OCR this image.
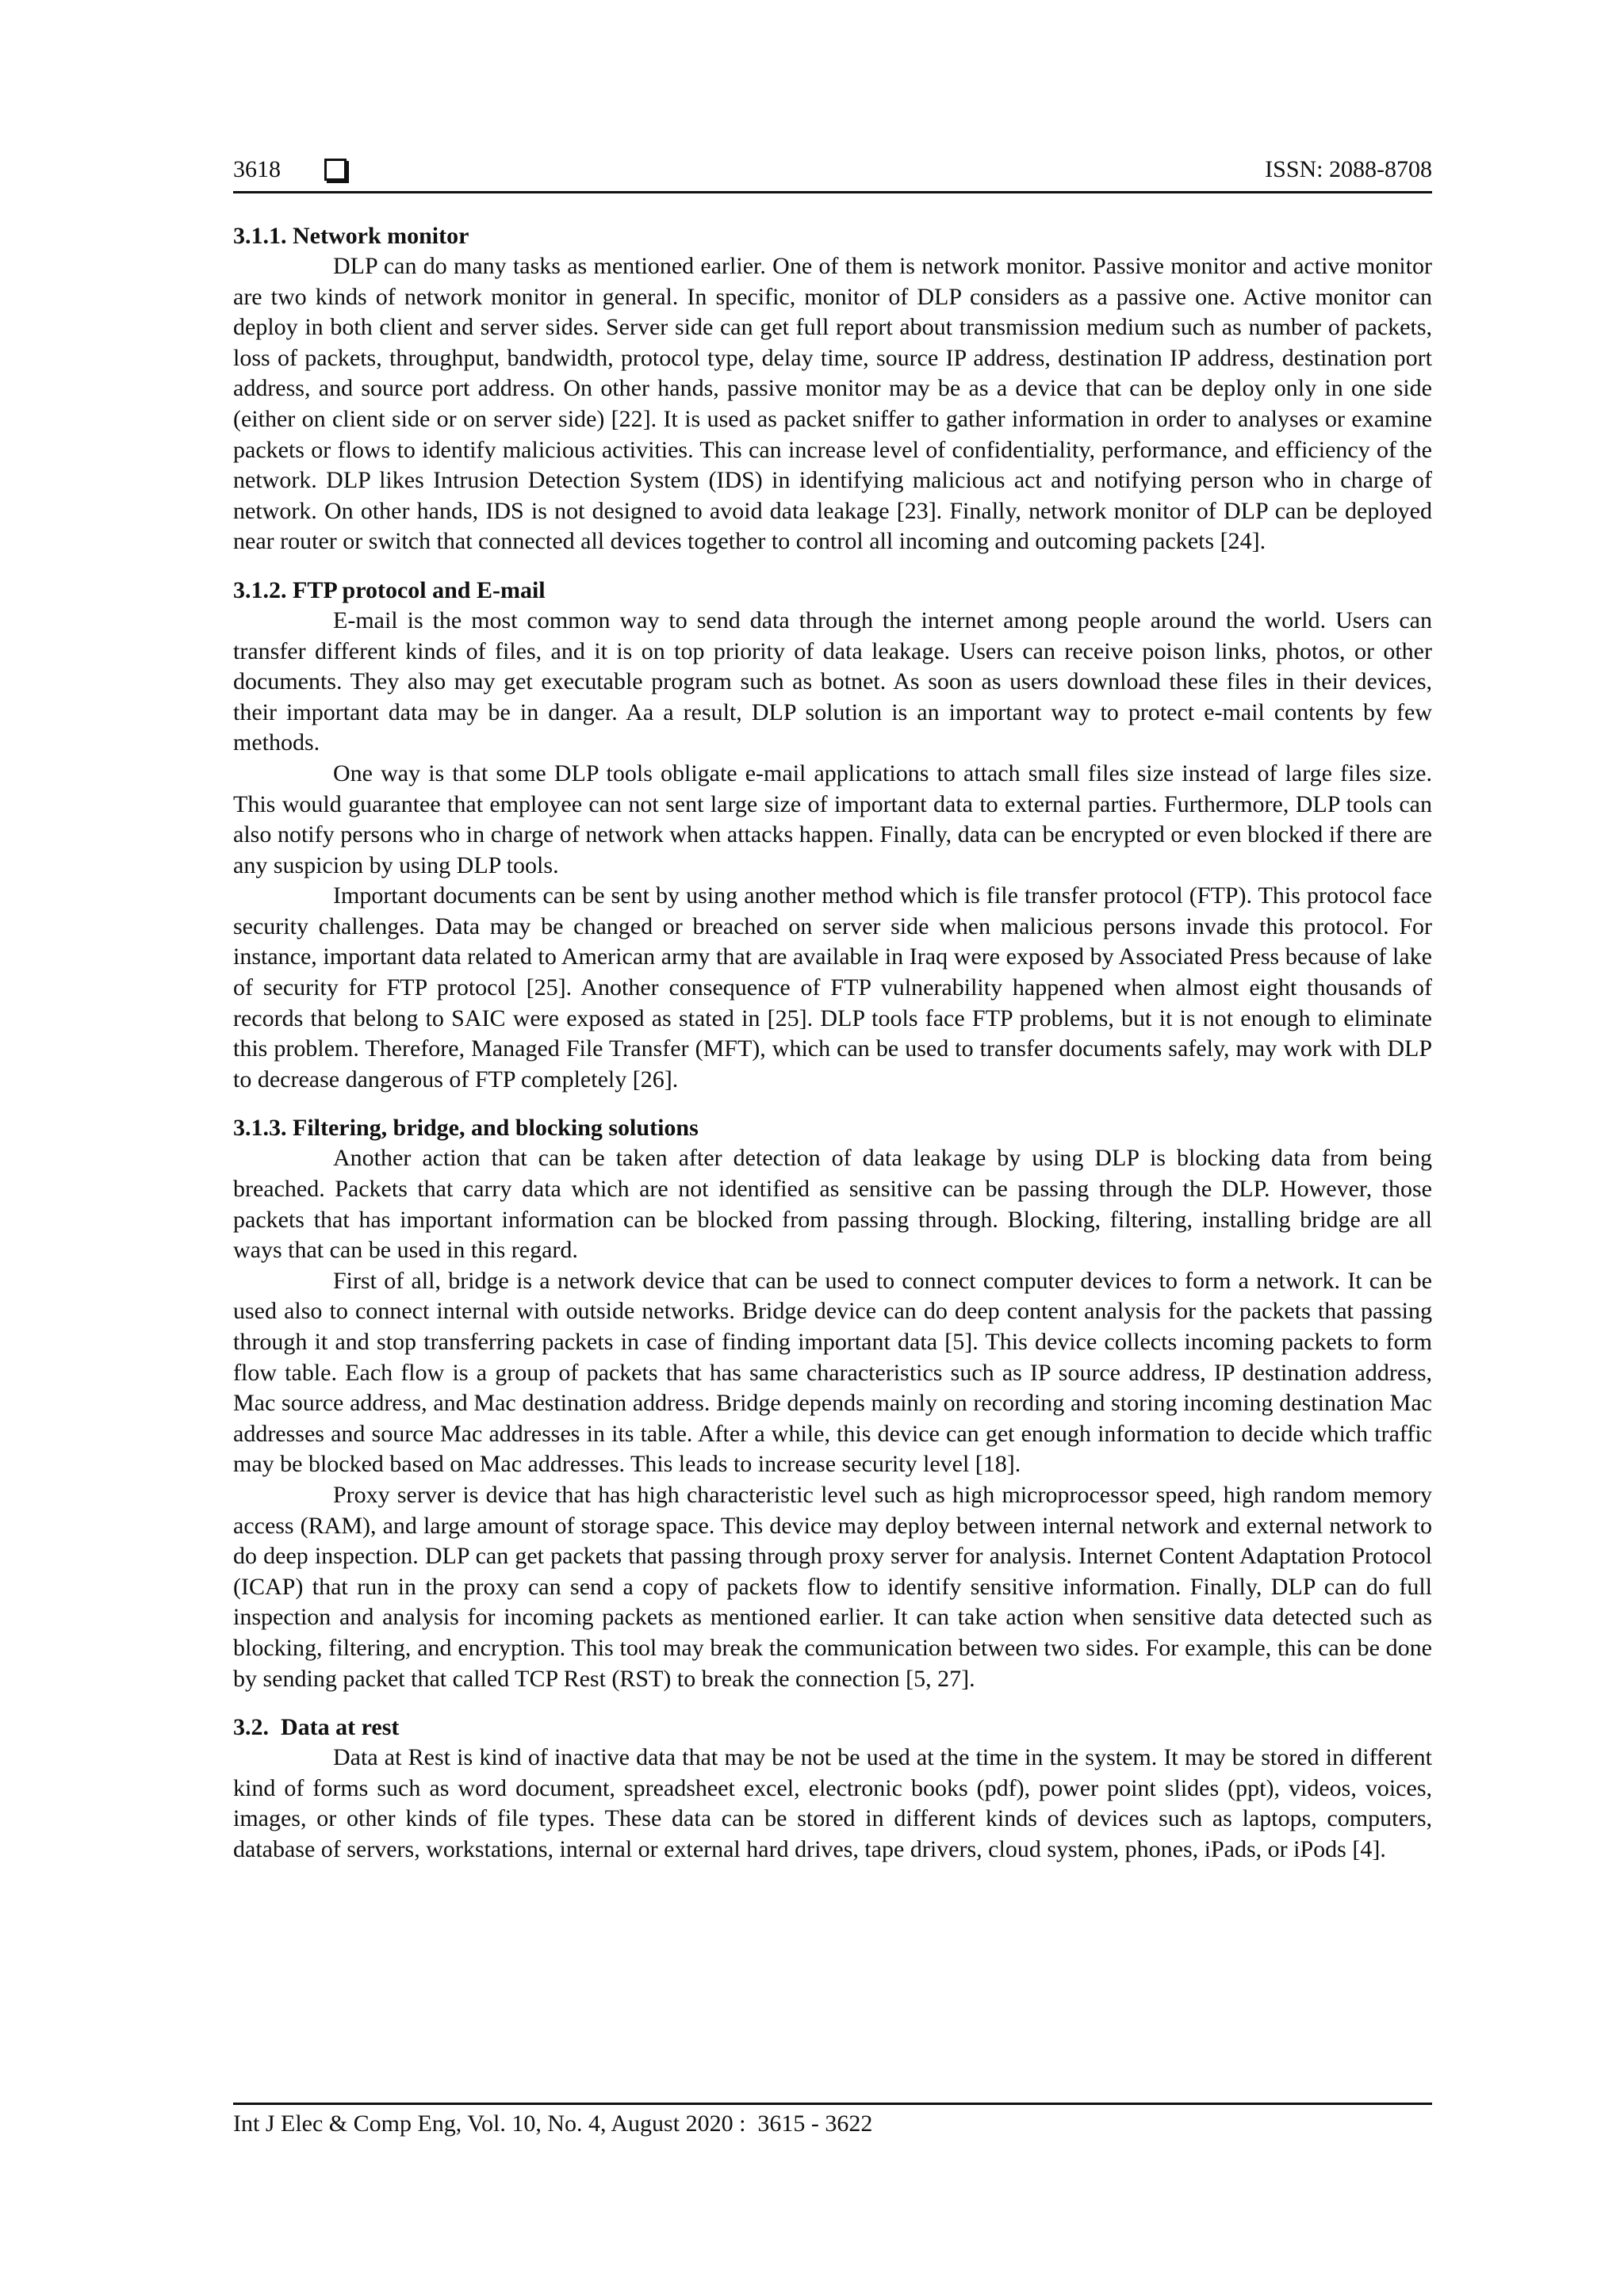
3618	ISSN: 2088-8708

3.1.1. Network monitor

DLP can do many tasks as mentioned earlier. One of them is network monitor. Passive monitor and active monitor are two kinds of network monitor in general. In specific, monitor of DLP considers as a passive one. Active monitor can deploy in both client and server sides. Server side can get full report about transmission medium such as number of packets, loss of packets, throughput, bandwidth, protocol type, delay time, source IP address, destination IP address, destination port address, and source port address. On other hands, passive monitor may be as a device that can be deploy only in one side (either on client side or on server side) [22]. It is used as packet sniffer to gather information in order to analyses or examine packets or flows to identify malicious activities. This can increase level of confidentiality, performance, and efficiency of the network. DLP likes Intrusion Detection System (IDS) in identifying malicious act and notifying person who in charge of network. On other hands, IDS is not designed to avoid data leakage [23]. Finally, network monitor of DLP can be deployed near router or switch that connected all devices together to control all incoming and outcoming packets [24].

3.1.2. FTP protocol and E-mail

E-mail is the most common way to send data through the internet among people around the world. Users can transfer different kinds of files, and it is on top priority of data leakage. Users can receive poison links, photos, or other documents. They also may get executable program such as botnet. As soon as users download these files in their devices, their important data may be in danger. Aa a result, DLP solution is an important way to protect e-mail contents by few methods.

One way is that some DLP tools obligate e-mail applications to attach small files size instead of large files size. This would guarantee that employee can not sent large size of important data to external parties. Furthermore, DLP tools can also notify persons who in charge of network when attacks happen. Finally, data can be encrypted or even blocked if there are any suspicion by using DLP tools.

Important documents can be sent by using another method which is file transfer protocol (FTP). This protocol face security challenges. Data may be changed or breached on server side when malicious persons invade this protocol. For instance, important data related to American army that are available in Iraq were exposed by Associated Press because of lake of security for FTP protocol [25]. Another consequence of FTP vulnerability happened when almost eight thousands of records that belong to SAIC were exposed as stated in [25]. DLP tools face FTP problems, but it is not enough to eliminate this problem. Therefore, Managed File Transfer (MFT), which can be used to transfer documents safely, may work with DLP to decrease dangerous of FTP completely [26].

3.1.3. Filtering, bridge, and blocking solutions

Another action that can be taken after detection of data leakage by using DLP is blocking data from being breached. Packets that carry data which are not identified as sensitive can be passing through the DLP. However, those packets that has important information can be blocked from passing through. Blocking, filtering, installing bridge are all ways that can be used in this regard.

First of all, bridge is a network device that can be used to connect computer devices to form a network. It can be used also to connect internal with outside networks. Bridge device can do deep content analysis for the packets that passing through it and stop transferring packets in case of finding important data [5]. This device collects incoming packets to form flow table. Each flow is a group of packets that has same characteristics such as IP source address, IP destination address, Mac source address, and Mac destination address. Bridge depends mainly on recording and storing incoming destination Mac addresses and source Mac addresses in its table. After a while, this device can get enough information to decide which traffic may be blocked based on Mac addresses. This leads to increase security level [18].

Proxy server is device that has high characteristic level such as high microprocessor speed, high random memory access (RAM), and large amount of storage space. This device may deploy between internal network and external network to do deep inspection. DLP can get packets that passing through proxy server for analysis. Internet Content Adaptation Protocol (ICAP) that run in the proxy can send a copy of packets flow to identify sensitive information. Finally, DLP can do full inspection and analysis for incoming packets as mentioned earlier. It can take action when sensitive data detected such as blocking, filtering, and encryption. This tool may break the communication between two sides. For example, this can be done by sending packet that called TCP Rest (RST) to break the connection [5, 27].

3.2.  Data at rest

Data at Rest is kind of inactive data that may be not be used at the time in the system. It may be stored in different kind of forms such as word document, spreadsheet excel, electronic books (pdf), power point slides (ppt), videos, voices, images, or other kinds of file types. These data can be stored in different kinds of devices such as laptops, computers, database of servers, workstations, internal or external hard drives, tape drivers, cloud system, phones, iPads, or iPods [4].

Int J Elec & Comp Eng, Vol. 10, No. 4, August 2020 :  3615 - 3622
